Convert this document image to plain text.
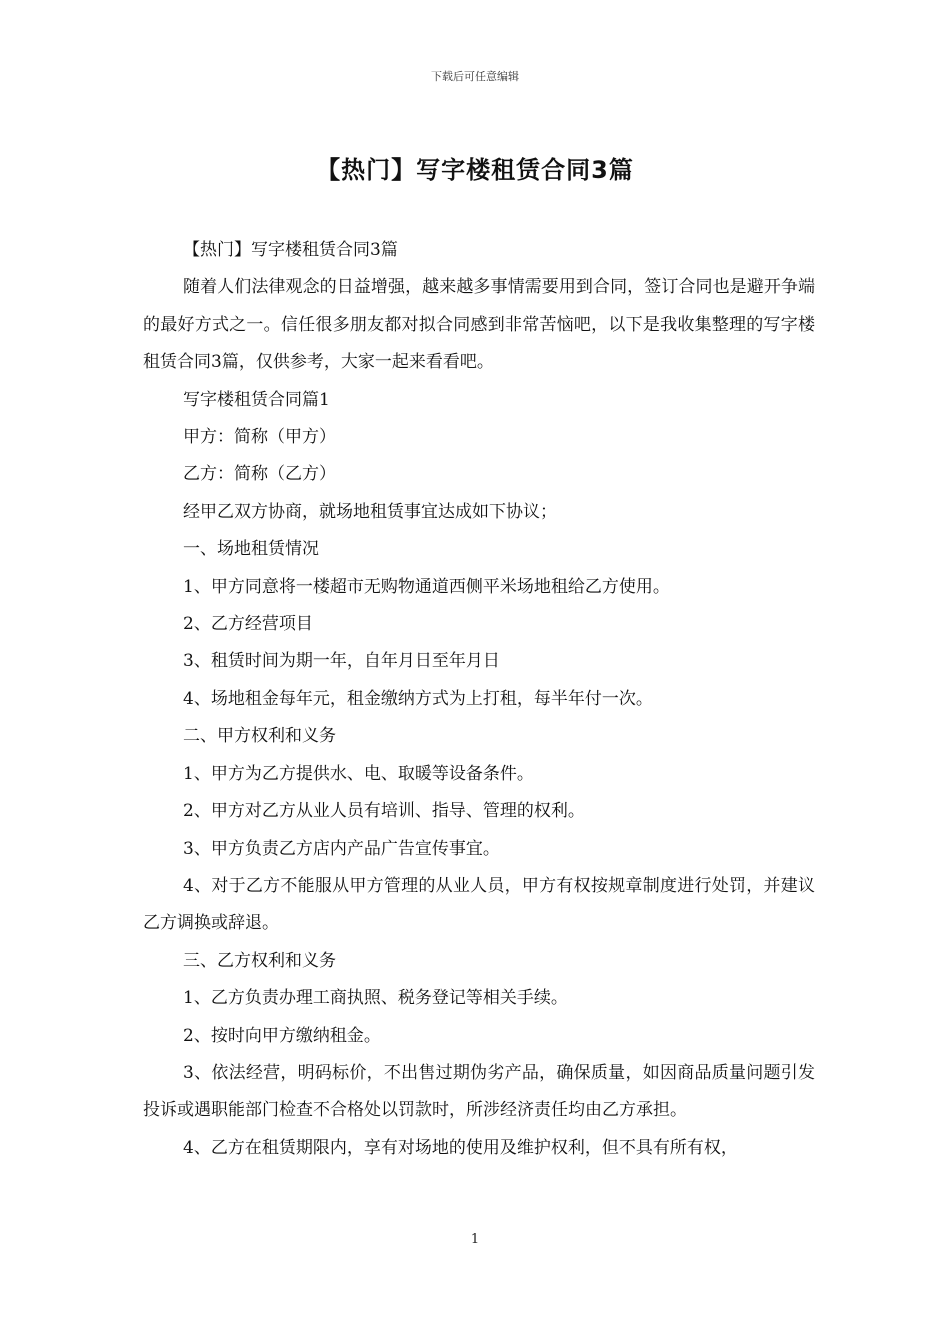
下载后可任意编辑
【热门】写字楼租赁合同3篇

【热门】写字楼租赁合同3篇

随着人们法律观念的日益增强，越来越多事情需要用到合同，签订合同也是避开争端的最好方式之一。信任很多朋友都对拟合同感到非常苦恼吧，以下是我收集整理的写字楼租赁合同3篇，仅供参考，大家一起来看看吧。

写字楼租赁合同篇1

甲方：简称（甲方）

乙方：简称（乙方）

经甲乙双方协商，就场地租赁事宜达成如下协议；

一、场地租赁情况

1、甲方同意将一楼超市无购物通道西侧平米场地租给乙方使用。

2、乙方经营项目

3、租赁时间为期一年，自年月日至年月日

4、场地租金每年元，租金缴纳方式为上打租，每半年付一次。

二、甲方权利和义务

1、甲方为乙方提供水、电、取暖等设备条件。

2、甲方对乙方从业人员有培训、指导、管理的权利。

3、甲方负责乙方店内产品广告宣传事宜。

4、对于乙方不能服从甲方管理的从业人员，甲方有权按规章制度进行处罚，并建议乙方调换或辞退。

三、乙方权利和义务

1、乙方负责办理工商执照、税务登记等相关手续。

2、按时向甲方缴纳租金。

3、依法经营，明码标价，不出售过期伪劣产品，确保质量，如因商品质量问题引发投诉或遇职能部门检查不合格处以罚款时，所涉经济责任均由乙方承担。

4、乙方在租赁期限内，享有对场地的使用及维护权利，但不具有所有权，

1
